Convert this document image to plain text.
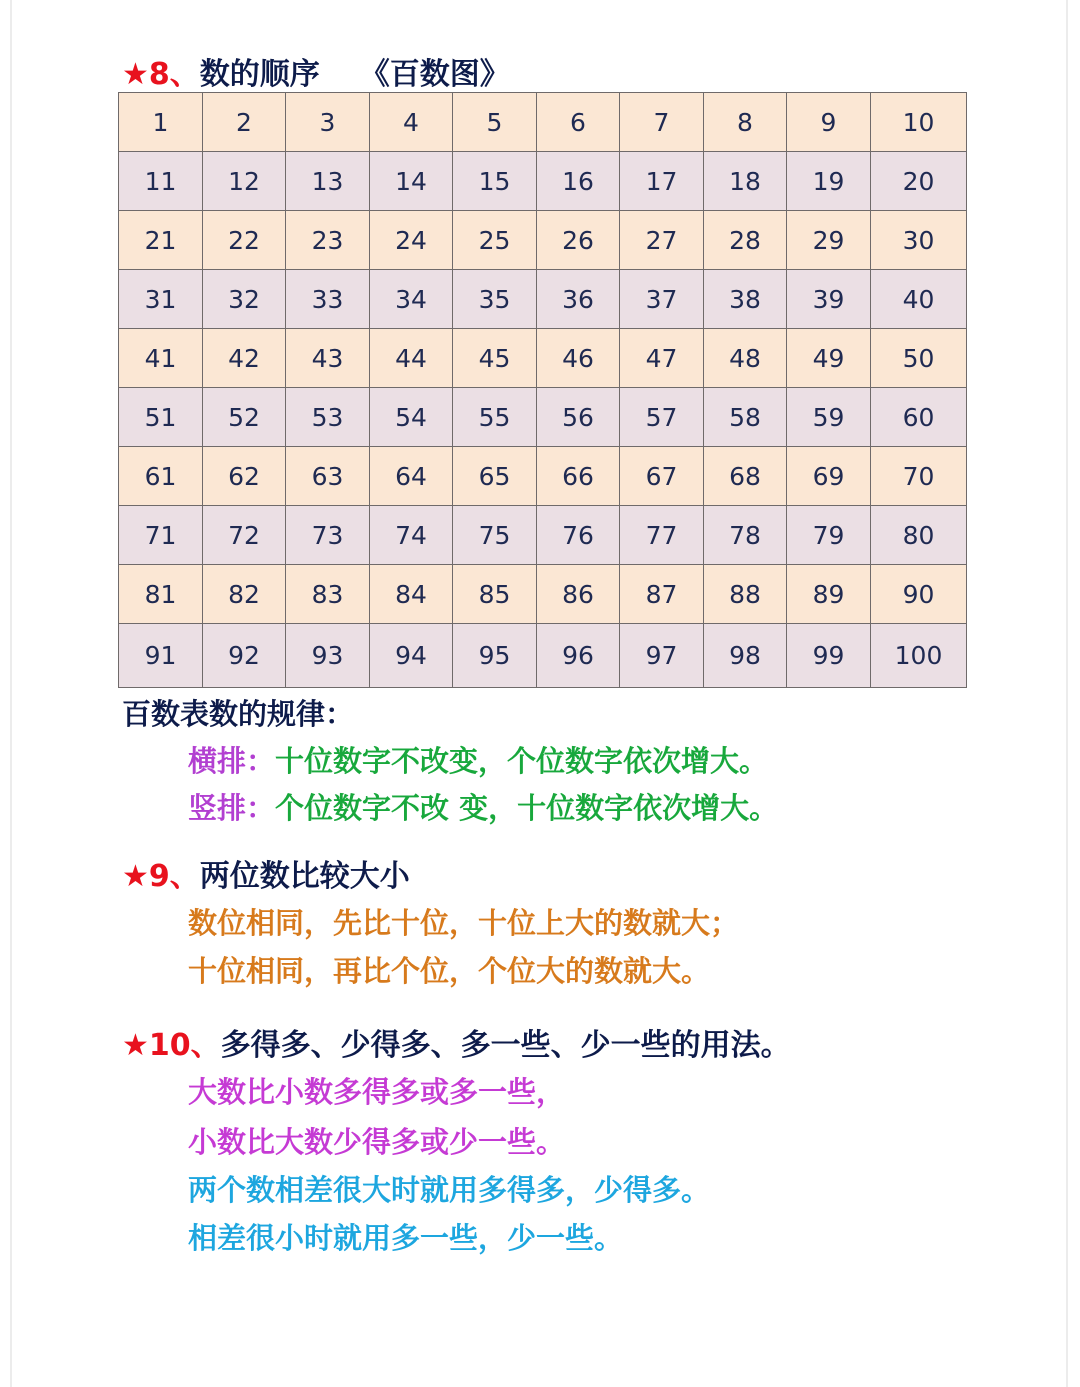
★8、数的顺序 《百数图》
1	2	3	4	5	6	7	8	9	10
11	12	13	14	15	16	17	18	19	20
21	22	23	24	25	26	27	28	29	30
31	32	33	34	35	36	37	38	39	40
41	42	43	44	45	46	47	48	49	50
51	52	53	54	55	56	57	58	59	60
61	62	63	64	65	66	67	68	69	70
71	72	73	74	75	76	77	78	79	80
81	82	83	84	85	86	87	88	89	90
91	92	93	94	95	96	97	98	99	100
百数表数的规律：
横排：十位数字不改变，个位数字依次增大。
竖排：个位数字不改 变，十位数字依次增大。
★9、两位数比较大小
数位相同，先比十位，十位上大的数就大；
十位相同，再比个位，个位大的数就大。
★10、多得多、少得多、多一些、少一些的用法。
大数比小数多得多或多一些，
小数比大数少得多或少一些。
两个数相差很大时就用多得多，少得多。
相差很小时就用多一些，少一些。
